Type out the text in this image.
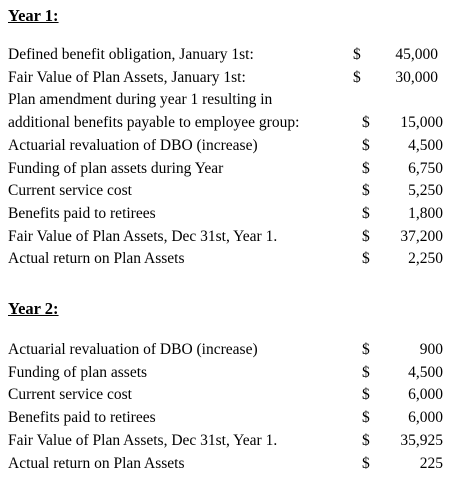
Year 1:
Defined benefit obligation, January 1st:	$ 45,000
Fair Value of Plan Assets, January 1st:	$ 30,000
Plan amendment during year 1 resulting in
additional benefits payable to employee group:	$ 15,000
Actuarial revaluation of DBO (increase)	$ 4,500
Funding of plan assets during Year	$ 6,750
Current service cost	$ 5,250
Benefits paid to retirees	$ 1,800
Fair Value of Plan Assets, Dec 31st, Year 1.	$ 37,200
Actual return on Plan Assets	$ 2,250
Year 2:
Actuarial revaluation of DBO (increase)	$	900
Funding of plan assets	$ 4,500
Current service cost	$ 6,000
Benefits paid to retirees	$ 6,000
Fair Value of Plan Assets, Dec 31st, Year 1.	$ 35,925
Actual return on Plan Assets	$	225
